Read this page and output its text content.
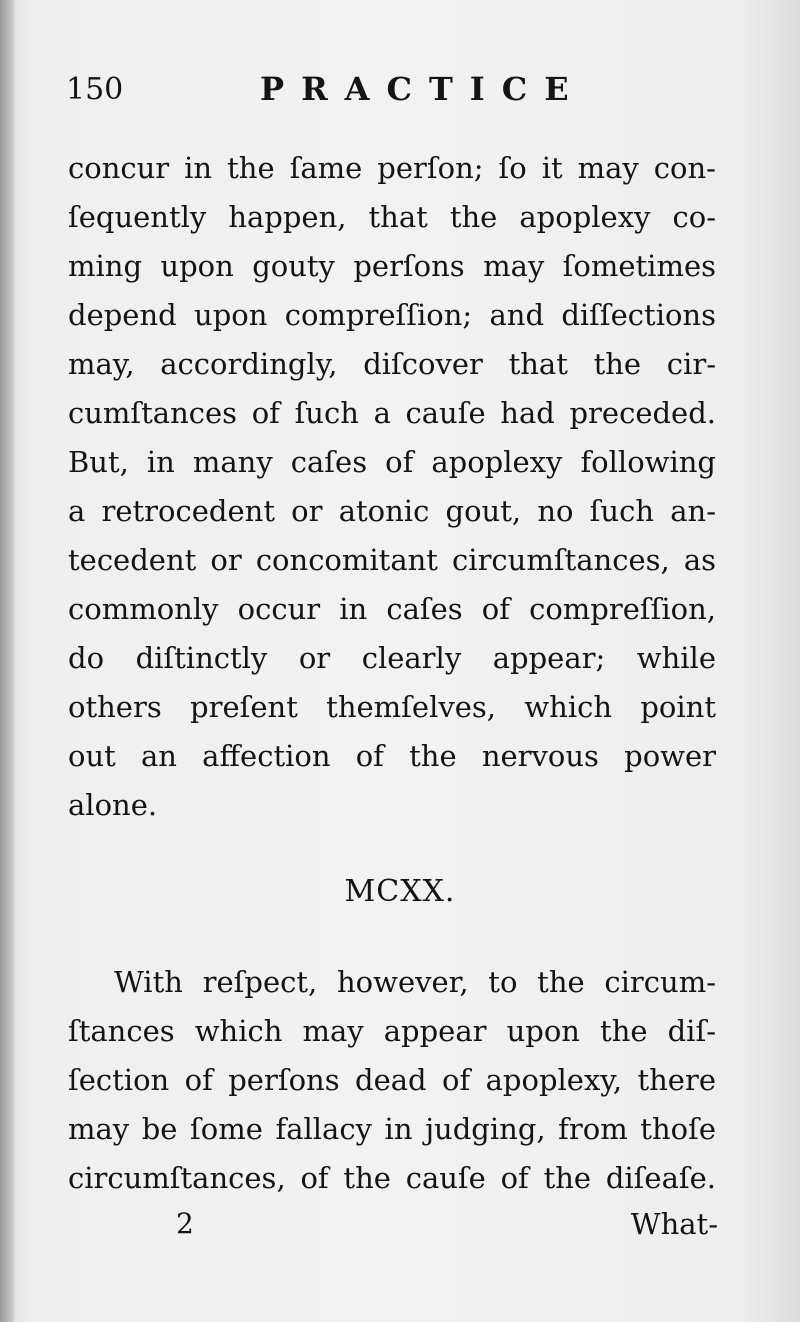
150	PRACTICE
concur in the ſame perſon; ſo it may con-
ſequently happen, that the apoplexy co-
ming upon gouty perſons may ſometimes
depend upon compreſſion; and diſſections
may, accordingly, diſcover that the cir-
cumſtances of ſuch a cauſe had preceded.
But, in many caſes of apoplexy following
a retrocedent or atonic gout, no ſuch an-
tecedent or concomitant circumſtances, as
commonly occur in caſes of compreſſion,
do diſtinctly or clearly appear; while
others preſent themſelves, which point
out an affection of the nervous power
alone.
MCXX.
With reſpect, however, to the circum-
ſtances which may appear upon the diſ-
ſection of perſons dead of apoplexy, there
may be ſome fallacy in judging, from thoſe
circumſtances, of the cauſe of the diſeaſe.
2	What-
